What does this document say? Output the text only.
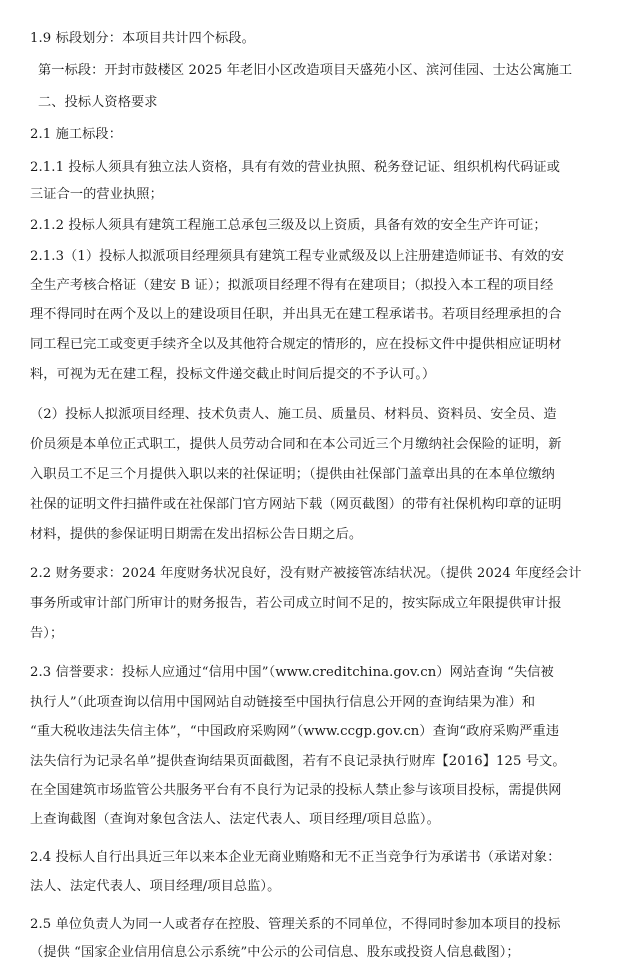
1.9 标段划分：本项目共计四个标段。
第一标段：开封市鼓楼区 2025 年老旧小区改造项目天盛苑小区、滨河佳园、士达公寓施工
二、投标人资格要求
2.1 施工标段：
2.1.1 投标人须具有独立法人资格，具有有效的营业执照、税务登记证、组织机构代码证或
三证合一的营业执照；
2.1.2 投标人须具有建筑工程施工总承包三级及以上资质，具备有效的安全生产许可证；
2.1.3（1）投标人拟派项目经理须具有建筑工程专业贰级及以上注册建造师证书、有效的安
全生产考核合格证（建安 B 证）；拟派项目经理不得有在建项目；（拟投入本工程的项目经
理不得同时在两个及以上的建设项目任职，并出具无在建工程承诺书。若项目经理承担的合
同工程已完工或变更手续齐全以及其他符合规定的情形的，应在投标文件中提供相应证明材
料，可视为无在建工程，投标文件递交截止时间后提交的不予认可。）
（2）投标人拟派项目经理、技术负责人、施工员、质量员、材料员、资料员、安全员、造
价员须是本单位正式职工，提供人员劳动合同和在本公司近三个月缴纳社会保险的证明，新
入职员工不足三个月提供入职以来的社保证明；（提供由社保部门盖章出具的在本单位缴纳
社保的证明文件扫描件或在社保部门官方网站下载（网页截图）的带有社保机构印章的证明
材料，提供的参保证明日期需在发出招标公告日期之后。
2.2 财务要求：2024 年度财务状况良好，没有财产被接管冻结状况。（提供 2024 年度经会计
事务所或审计部门所审计的财务报告，若公司成立时间不足的，按实际成立年限提供审计报
告）；
2.3 信誉要求：投标人应通过“信用中国”（www.creditchina.gov.cn）网站查询 “失信被
执行人”（此项查询以信用中国网站自动链接至中国执行信息公开网的查询结果为准）和
“重大税收违法失信主体”，“中国政府采购网”（www.ccgp.gov.cn）查询“政府采购严重违
法失信行为记录名单”提供查询结果页面截图，若有不良记录执行财库【2016】125 号文。
在全国建筑市场监管公共服务平台有不良行为记录的投标人禁止参与该项目投标，需提供网
上查询截图（查询对象包含法人、法定代表人、项目经理/项目总监）。
2.4 投标人自行出具近三年以来本企业无商业贿赂和无不正当竞争行为承诺书（承诺对象：
法人、法定代表人、项目经理/项目总监）。
2.5 单位负责人为同一人或者存在控股、管理关系的不同单位，不得同时参加本项目的投标
（提供 “国家企业信用信息公示系统”中公示的公司信息、股东或投资人信息截图）；
